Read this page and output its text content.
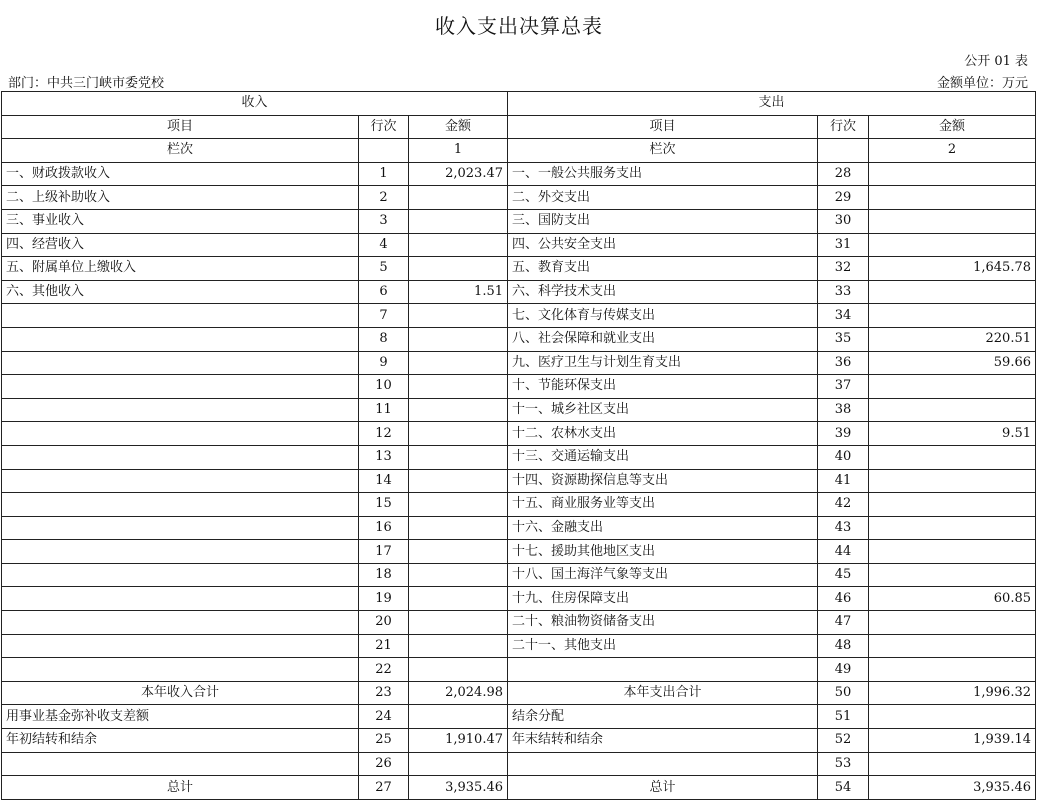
收入支出决算总表
公开 01 表
部门：中共三门峡市委党校	金额单位：万元
收入			支出		
项目	行次	金额	项目	行次	金额
栏次		1	栏次		2
一、财政拨款收入	1	2,023.47	一、一般公共服务支出	28	
二、上级补助收入	2		二、外交支出	29	
三、事业收入	3		三、国防支出	30	
四、经营收入	4		四、公共安全支出	31	
五、附属单位上缴收入	5		五、教育支出	32	1,645.78
六、其他收入	6	1.51	六、科学技术支出	33	
	7		七、文化体育与传媒支出	34	
	8		八、社会保障和就业支出	35	220.51
	9		九、医疗卫生与计划生育支出	36	59.66
	10		十、节能环保支出	37	
	11		十一、城乡社区支出	38	
	12		十二、农林水支出	39	9.51
	13		十三、交通运输支出	40	
	14		十四、资源勘探信息等支出	41	
	15		十五、商业服务业等支出	42	
	16		十六、金融支出	43	
	17		十七、援助其他地区支出	44	
	18		十八、国土海洋气象等支出	45	
	19		十九、住房保障支出	46	60.85
	20		二十、粮油物资储备支出	47	
	21		二十一、其他支出	48	
	22			49	
本年收入合计	23	2,024.98	本年支出合计	50	1,996.32
用事业基金弥补收支差额	24		结余分配	51	
年初结转和结余	25	1,910.47	年末结转和结余	52	1,939.14
	26			53	
总计	27	3,935.46	总计	54	3,935.46
